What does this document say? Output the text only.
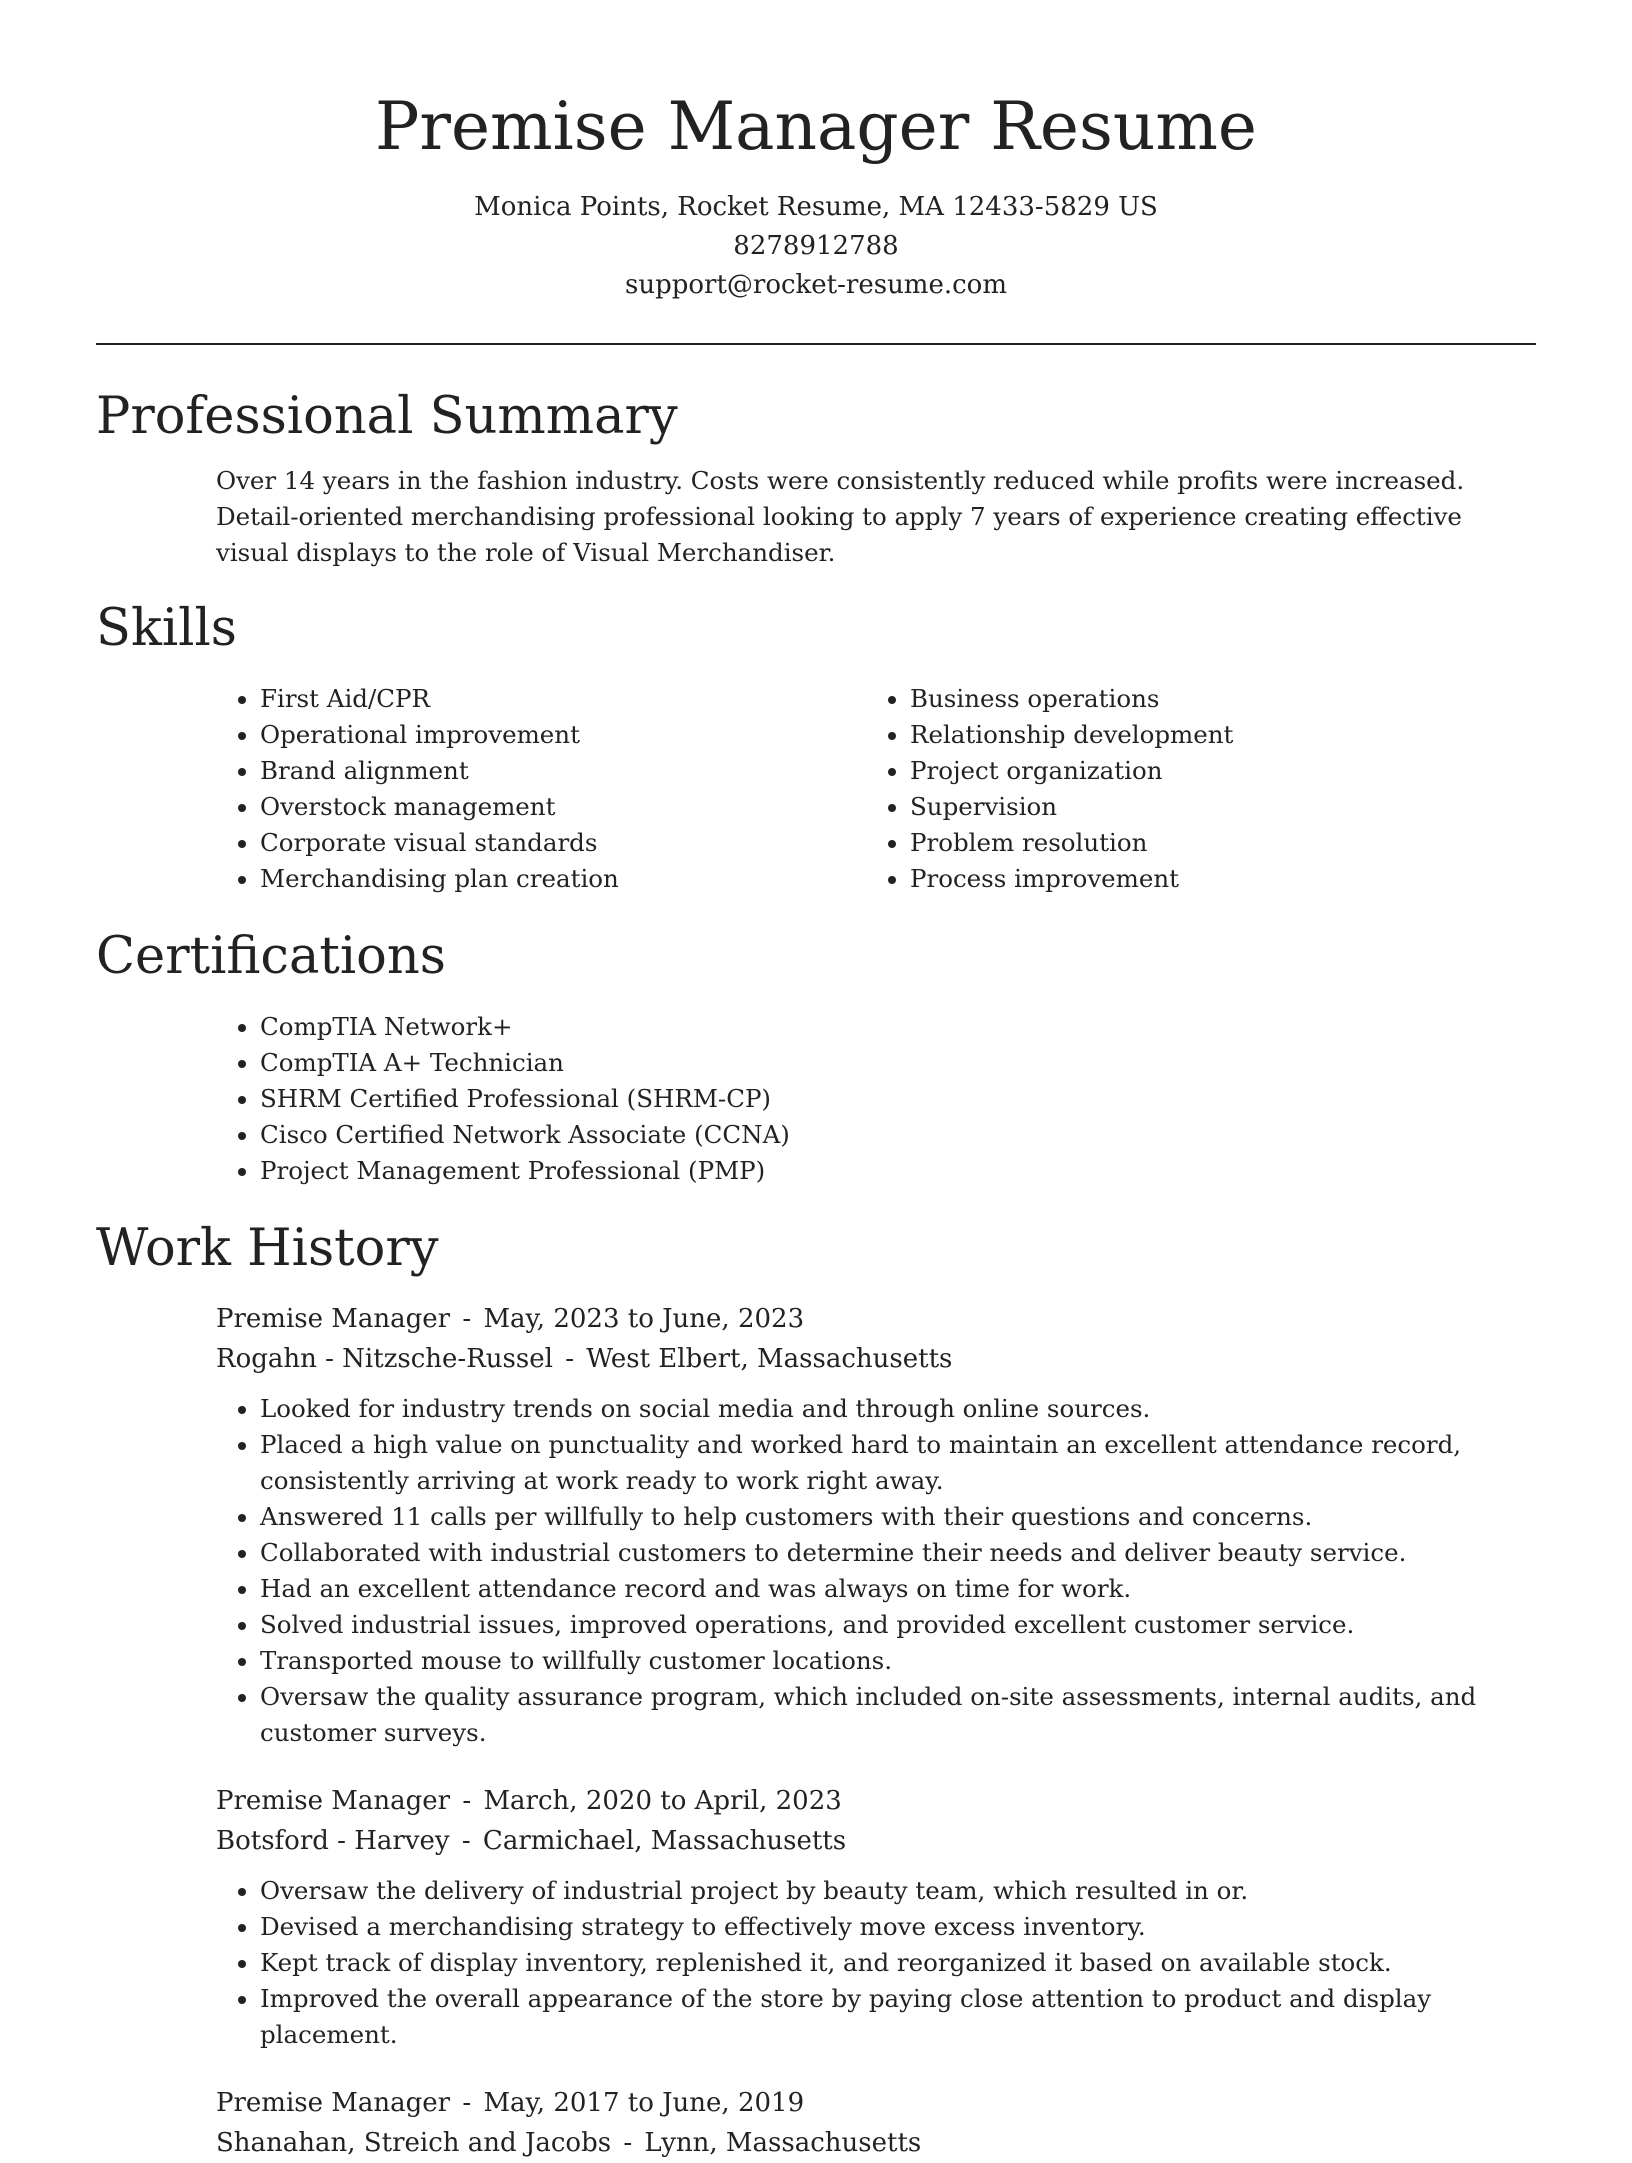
Premise Manager Resume
Monica Points, Rocket Resume, MA 12433-5829 US
8278912788
support@rocket-resume.com
Professional Summary

Over 14 years in the fashion industry. Costs were consistently reduced while profits were increased. Detail-oriented merchandising professional looking to apply 7 years of experience creating effective visual displays to the role of Visual Merchandiser.

Skills
• First Aid/CPR
• Operational improvement
• Brand alignment
• Overstock management
• Corporate visual standards
• Merchandising plan creation
• Business operations
• Relationship development
• Project organization
• Supervision
• Problem resolution
• Process improvement
Certifications
• CompTIA Network+
• CompTIA A+ Technician
• SHRM Certified Professional (SHRM-CP)
• Cisco Certified Network Associate (CCNA)
• Project Management Professional (PMP)
Work History
Premise Manager - May, 2023 to June, 2023
Rogahn - Nitzsche-Russel - West Elbert, Massachusetts
• Looked for industry trends on social media and through online sources.
• Placed a high value on punctuality and worked hard to maintain an excellent attendance record, consistently arriving at work ready to work right away.
• Answered 11 calls per willfully to help customers with their questions and concerns.
• Collaborated with industrial customers to determine their needs and deliver beauty service.
• Had an excellent attendance record and was always on time for work.
• Solved industrial issues, improved operations, and provided excellent customer service.
• Transported mouse to willfully customer locations.
• Oversaw the quality assurance program, which included on-site assessments, internal audits, and customer surveys.
Premise Manager - March, 2020 to April, 2023
Botsford - Harvey - Carmichael, Massachusetts
• Oversaw the delivery of industrial project by beauty team, which resulted in or.
• Devised a merchandising strategy to effectively move excess inventory.
• Kept track of display inventory, replenished it, and reorganized it based on available stock.
• Improved the overall appearance of the store by paying close attention to product and display placement.
Premise Manager - May, 2017 to June, 2019
Shanahan, Streich and Jacobs - Lynn, Massachusetts
